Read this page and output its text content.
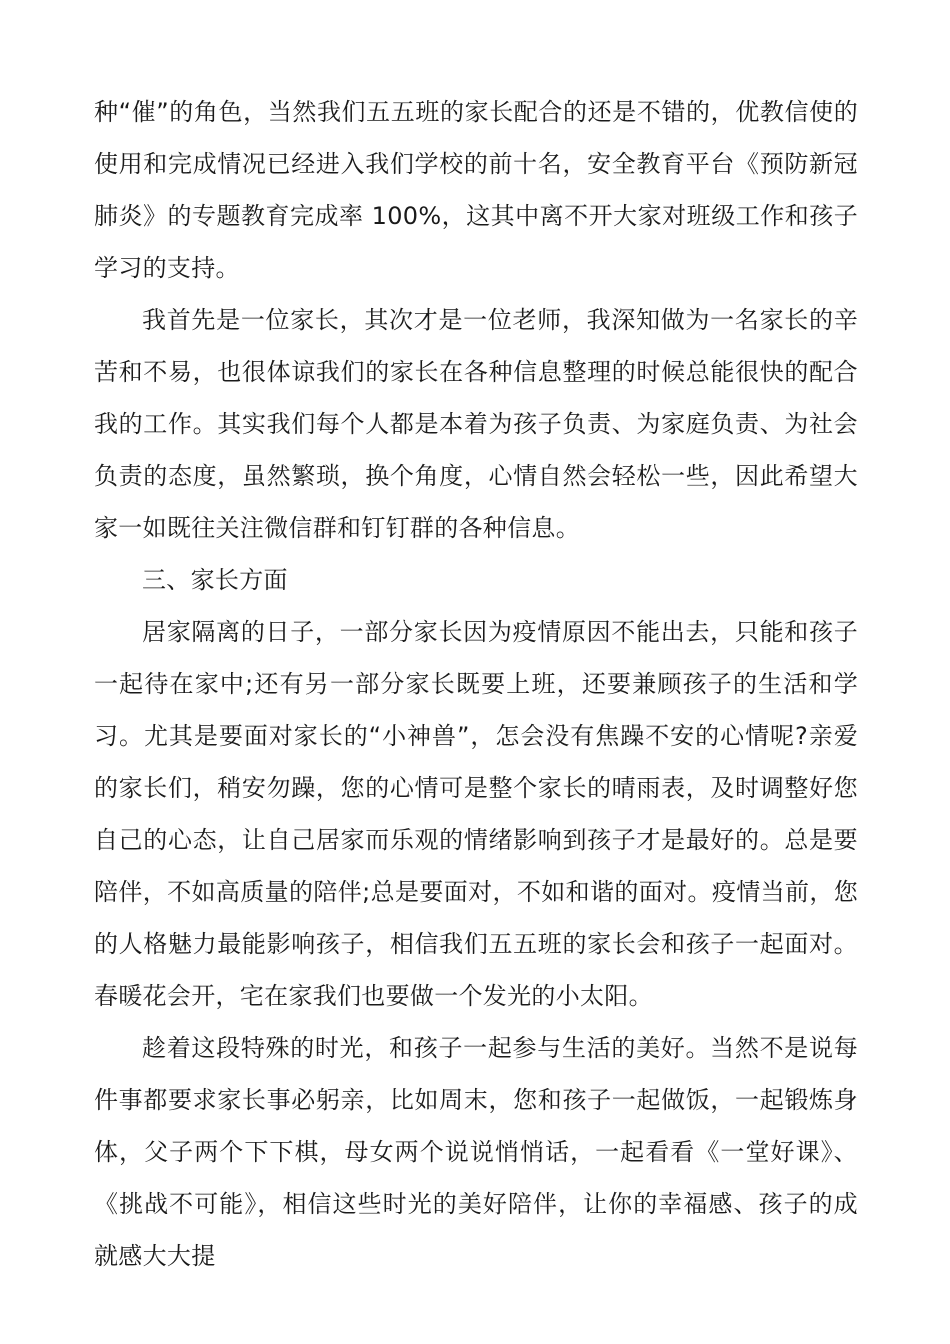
种“催”的角色，当然我们五五班的家长配合的还是不错的，优教信使的使用和完成情况已经进入我们学校的前十名，安全教育平台《预防新冠肺炎》的专题教育完成率 100%，这其中离不开大家对班级工作和孩子学习的支持。

我首先是一位家长，其次才是一位老师，我深知做为一名家长的辛苦和不易，也很体谅我们的家长在各种信息整理的时候总能很快的配合我的工作。其实我们每个人都是本着为孩子负责、为家庭负责、为社会负责的态度，虽然繁琐，换个角度，心情自然会轻松一些，因此希望大家一如既往关注微信群和钉钉群的各种信息。

三、家长方面

居家隔离的日子，一部分家长因为疫情原因不能出去，只能和孩子一起待在家中;还有另一部分家长既要上班，还要兼顾孩子的生活和学习。尤其是要面对家长的“小神兽”，怎会没有焦躁不安的心情呢?亲爱的家长们，稍安勿躁，您的心情可是整个家长的晴雨表，及时调整好您自己的心态，让自己居家而乐观的情绪影响到孩子才是最好的。总是要陪伴，不如高质量的陪伴;总是要面对，不如和谐的面对。疫情当前，您的人格魅力最能影响孩子，相信我们五五班的家长会和孩子一起面对。春暖花会开，宅在家我们也要做一个发光的小太阳。

趁着这段特殊的时光，和孩子一起参与生活的美好。当然不是说每件事都要求家长事必躬亲，比如周末，您和孩子一起做饭，一起锻炼身体，父子两个下下棋，母女两个说说悄悄话，一起看看《一堂好课》、《挑战不可能》，相信这些时光的美好陪伴，让你的幸福感、孩子的成就感大大提
